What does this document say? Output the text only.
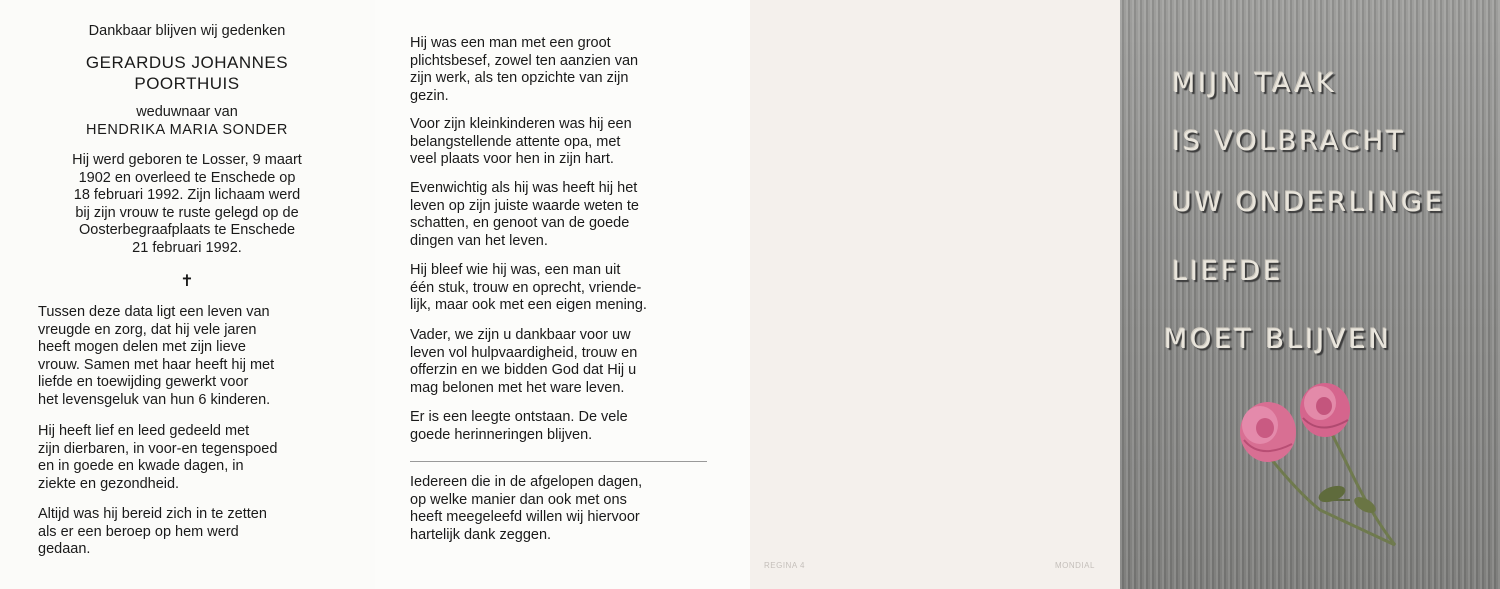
Dankbaar blijven wij gedenken
GERARDUS JOHANNES
POORTHUIS
weduwnaar van
HENDRIKA MARIA SONDER
Hij werd geboren te Losser, 9 maart
1902 en overleed te Enschede op
18 februari 1992. Zijn lichaam werd
bij zijn vrouw te ruste gelegd op de
Oosterbegraafplaats te Enschede
21 februari 1992.
✝
Tussen deze data ligt een leven van
vreugde en zorg, dat hij vele jaren
heeft mogen delen met zijn lieve
vrouw. Samen met haar heeft hij met
liefde en toewijding gewerkt voor
het levensgeluk van hun 6 kinderen.
Hij heeft lief en leed gedeeld met
zijn dierbaren, in voor-en tegenspoed
en in goede en kwade dagen, in
ziekte en gezondheid.
Altijd was hij bereid zich in te zetten
als er een beroep op hem werd
gedaan.
Hij was een man met een groot
plichtsbesef, zowel ten aanzien van
zijn werk, als ten opzichte van zijn
gezin.
Voor zijn kleinkinderen was hij een
belangstellende attente opa, met
veel plaats voor hen in zijn hart.
Evenwichtig als hij was heeft hij het
leven op zijn juiste waarde weten te
schatten, en genoot van de goede
dingen van het leven.
Hij bleef wie hij was, een man uit
één stuk, trouw en oprecht, vriende-
lijk, maar ook met een eigen mening.
Vader, we zijn u dankbaar voor uw
leven vol hulpvaardigheid, trouw en
offerzin en we bidden God dat Hij u
mag belonen met het ware leven.
Er is een leegte ontstaan. De vele
goede herinneringen blijven.
Iedereen die in de afgelopen dagen,
op welke manier dan ook met ons
heeft meegeleefd willen wij hiervoor
hartelijk dank zeggen.
REGINA 4	MONDIAL
MIJN TAAK
IS VOLBRACHT
UW ONDERLINGE
LIEFDE
MOET BLIJVEN
